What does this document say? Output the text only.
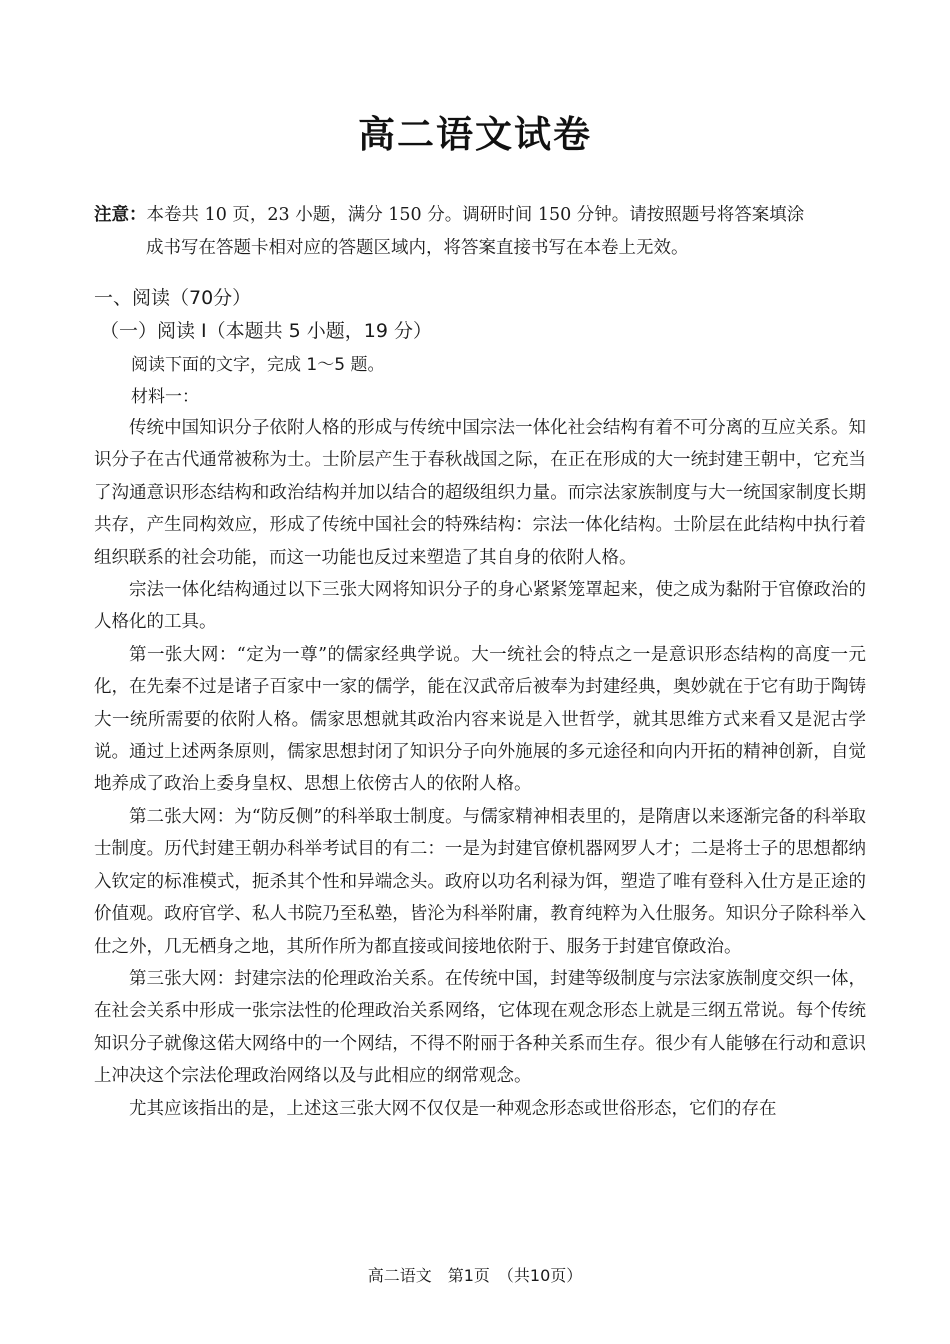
高二语文试卷
注意：本卷共 10 页，23 小题，满分 150 分。调研时间 150 分钟。请按照题号将答案填涂
成书写在答题卡相对应的答题区域内，将答案直接书写在本卷上无效。
一、阅读（70分）
（一）阅读 I（本题共 5 小题，19 分）
阅读下面的文字，完成 1～5 题。
材料一：

传统中国知识分子依附人格的形成与传统中国宗法一体化社会结构有着不可分离的互应关系。知识分子在古代通常被称为士。士阶层产生于春秋战国之际，在正在形成的大一统封建王朝中，它充当了沟通意识形态结构和政治结构并加以结合的超级组织力量。而宗法家族制度与大一统国家制度长期共存，产生同构效应，形成了传统中国社会的特殊结构：宗法一体化结构。士阶层在此结构中执行着组织联系的社会功能，而这一功能也反过来塑造了其自身的依附人格。

宗法一体化结构通过以下三张大网将知识分子的身心紧紧笼罩起来，使之成为黏附于官僚政治的人格化的工具。

第一张大网：“定为一尊”的儒家经典学说。大一统社会的特点之一是意识形态结构的高度一元化，在先秦不过是诸子百家中一家的儒学，能在汉武帝后被奉为封建经典，奥妙就在于它有助于陶铸大一统所需要的依附人格。儒家思想就其政治内容来说是入世哲学，就其思维方式来看又是泥古学说。通过上述两条原则，儒家思想封闭了知识分子向外施展的多元途径和向内开拓的精神创新，自觉地养成了政治上委身皇权、思想上依傍古人的依附人格。

第二张大网：为“防反侧”的科举取士制度。与儒家精神相表里的，是隋唐以来逐渐完备的科举取士制度。历代封建王朝办科举考试目的有二：一是为封建官僚机器网罗人才；二是将士子的思想都纳入钦定的标准模式，扼杀其个性和异端念头。政府以功名利禄为饵，塑造了唯有登科入仕方是正途的价值观。政府官学、私人书院乃至私塾，皆沦为科举附庸，教育纯粹为入仕服务。知识分子除科举入仕之外，几无栖身之地，其所作所为都直接或间接地依附于、服务于封建官僚政治。

第三张大网：封建宗法的伦理政治关系。在传统中国，封建等级制度与宗法家族制度交织一体，在社会关系中形成一张宗法性的伦理政治关系网络，它体现在观念形态上就是三纲五常说。每个传统知识分子就像这偌大网络中的一个网结，不得不附丽于各种关系而生存。很少有人能够在行动和意识上冲决这个宗法伦理政治网络以及与此相应的纲常观念。

尤其应该指出的是，上述这三张大网不仅仅是一种观念形态或世俗形态，它们的存在

高二语文　第1页　（共10页）
